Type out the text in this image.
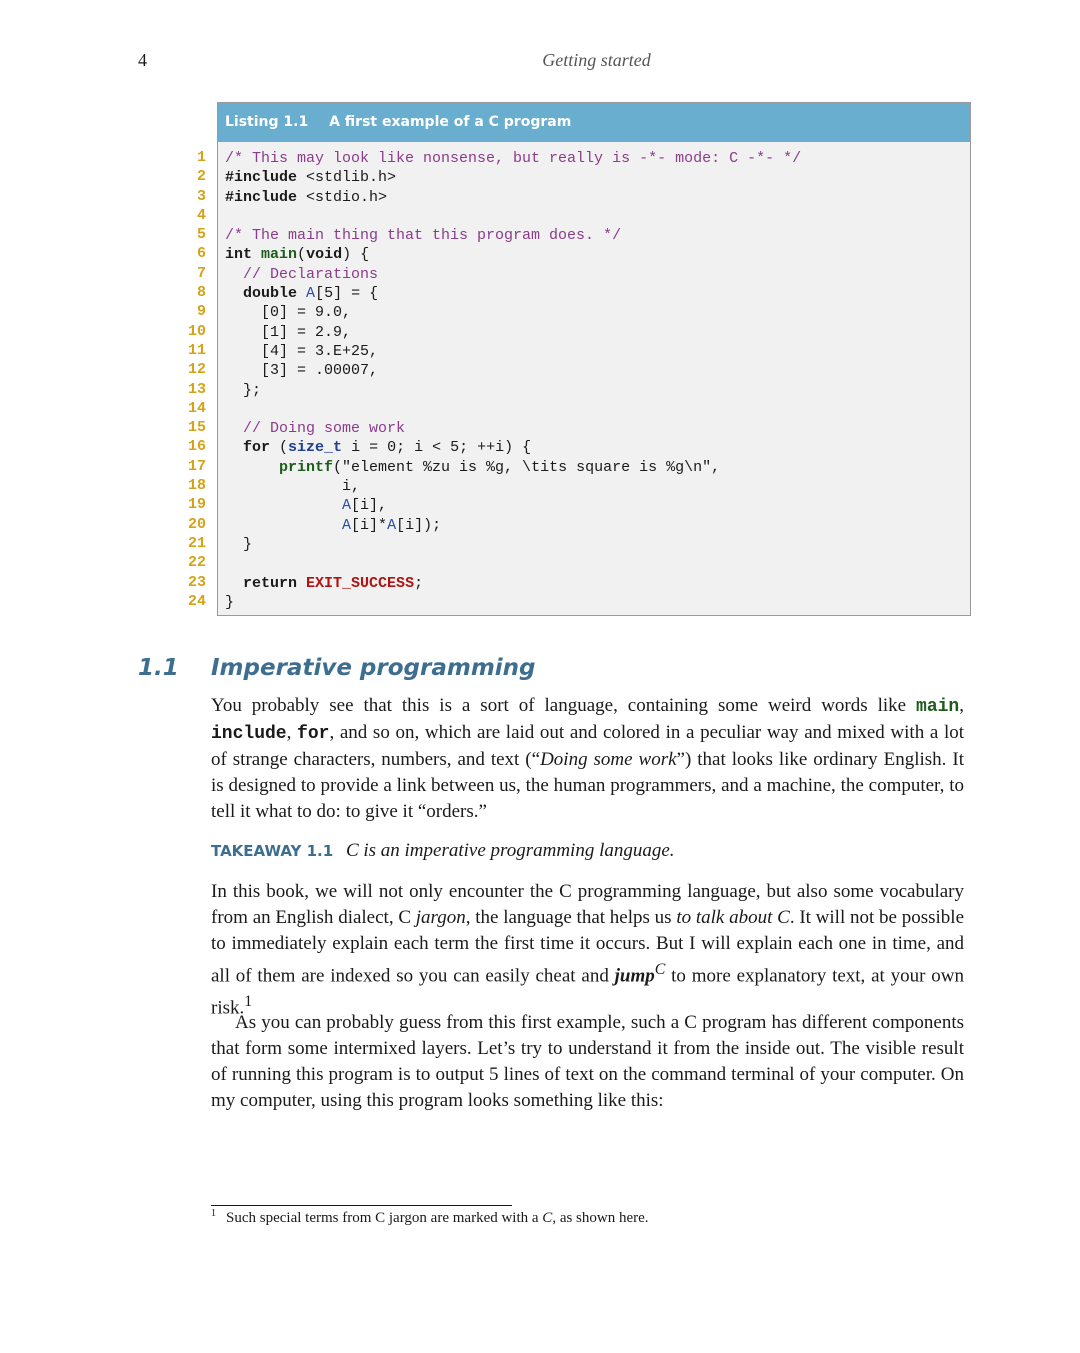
4	Getting started
1
2
3
4
5
6
7
8
9
10
11
12
13
14
15
16
17
18
19
20
21
22
23
24
Listing 1.1 A first example of a C program
/* This may look like nonsense, but really is -*- mode: C -*- */
#include <stdlib.h>
#include <stdio.h>

/* The main thing that this program does. */
int main(void) {
// Declarations
double A[5] = {
[0] = 9.0,
[1] = 2.9,
[4] = 3.E+25,
[3] = .00007,
};

// Doing some work
for (size_t i = 0; i < 5; ++i) {
printf("element %zu is %g, \tits square is %g\n",
i,
A[i],
A[i]*A[i]);
}

return EXIT_SUCCESS;
}
1.1 Imperative programming
You probably see that this is a sort of language, containing some weird words like main, include, for, and so on, which are laid out and colored in a peculiar way and mixed with a lot of strange characters, numbers, and text (“Doing some work”) that looks like ordinary English. It is designed to provide a link between us, the human programmers, and a machine, the computer, to tell it what to do: to give it “orders.”
TAKEAWAY 1.1 C is an imperative programming language.
In this book, we will not only encounter the C programming language, but also some vocabulary from an English dialect, C jargon, the language that helps us to talk about C. It will not be possible to immediately explain each term the first time it occurs. But I will explain each one in time, and all of them are indexed so you can easily cheat and jump$^C$ to more explanatory text, at your own risk.$^1$
As you can probably guess from this first example, such a C program has different components that form some intermixed layers. Let’s try to understand it from the inside out. The visible result of running this program is to output 5 lines of text on the command terminal of your computer. On my computer, using this program looks something like this:
$^1$ Such special terms from C jargon are marked with a C, as shown here.
